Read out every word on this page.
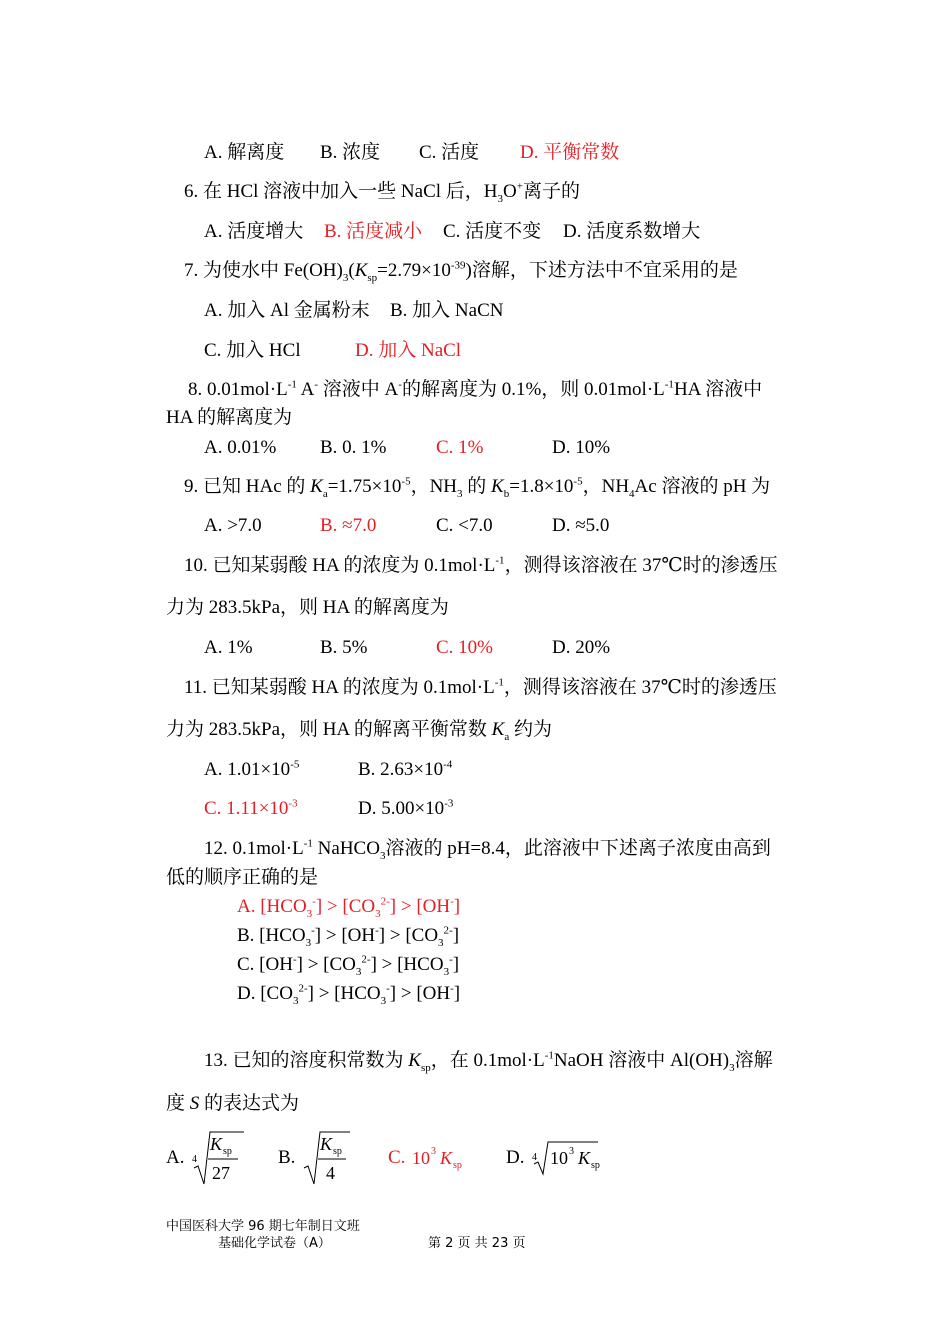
A. 解离度 B. 浓度 C. 活度 D. 平衡常数
6. 在 HCl 溶液中加入一些 NaCl 后，$H_3O^+$离子的
A. 活度增大 B. 活度减小 C. 活度不变 D. 活度系数增大
7. 为使水中 $Fe(OH)_3(K_{sp}=2.79\times 10^{-39})$溶解，下述方法中不宜采用的是
A. 加入 Al 金属粉末 B. 加入 NaCN
C. 加入 HCl	D. 加入 NaCl
8. $0.01mol\cdot L^{-1}$ A- 溶液中 A-的解离度为 0.1%，则 $0.01mol\cdot L^{-1}HA$ 溶液中
HA 的解离度为
A. 0.01% B. 0. 1%	C. 1%	D. 10%
9. 已知 HAc 的 $K_a=1.75\times 10^{-5}$，$NH_3$ 的 $K_b=1.8\times 10^{-5}$，$NH_4Ac$ 溶液的 pH 为
A. >7.0	B. ≈7.0	C. <7.0	D. ≈5.0
10. 已知某弱酸 HA 的浓度为 $0.1mol\cdot L^{-1}$，测得该溶液在 37℃时的渗透压
力为 283.5kPa，则 HA 的解离度为
A. 1%	B. 5%	C. 10%	D. 20%
11. 已知某弱酸 HA 的浓度为 $0.1mol\cdot L^{-1}$，测得该溶液在 37℃时的渗透压
力为 283.5kPa，则 HA 的解离平衡常数 $K_a$ 约为
A. $1.01\times 10^{-5}$	B. $2.63\times 10^{-4}$
C. $1.11\times 10^{-3}$	D. $5.00\times 10^{-3}$
12. $0.1mol\cdot L^{-1}$ NaHCO$_3$溶液的 pH=8.4，此溶液中下述离子浓度由高到
低的顺序正确的是
A. $[HCO_3^-] > [CO_3^{2-}] > [OH^-]$
B. $[HCO_3^-] > [OH^-] > [CO_3^{2-}]$
C. $[OH^-] > [CO_3^{2-}] > [HCO_3^-]$
D. $[CO_3^{2-}] > [HCO_3^-] > [OH^-]$
13. 已知的溶度积常数为 $K_{sp}$，在 $0.1mol\cdot L^{-1}NaOH$ 溶液中 $Al(OH)_3$溶解
度 S 的表达式为
A. 4
K sp
27
B.
K sp
4
C. 10 3 K sp D. 4 10 3 K sp
中国医科大学 96 期七年制日文班
基础化学试卷（A）	第 2 页 共 23 页
